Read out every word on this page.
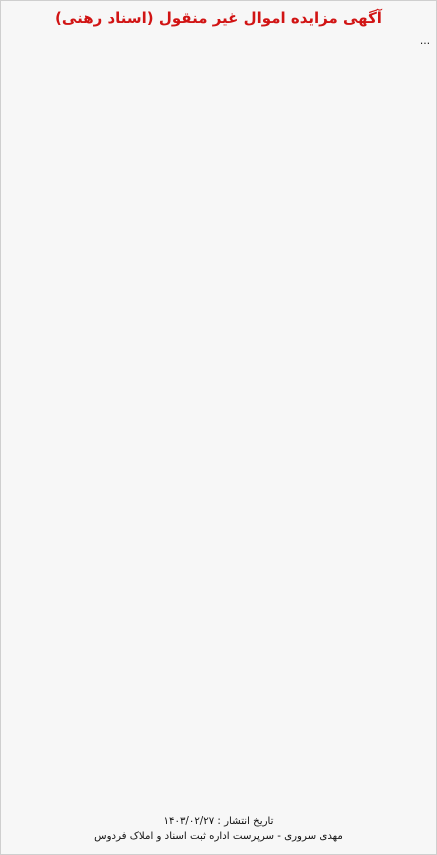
آگهی مزایده اموال غیر منقول (اسناد رهنی)
…
تاریخ انتشار : ۱۴۰۳/۰۲/۲۷
مهدی سروری - سرپرست اداره ثبت اسناد و املاک فردوس
